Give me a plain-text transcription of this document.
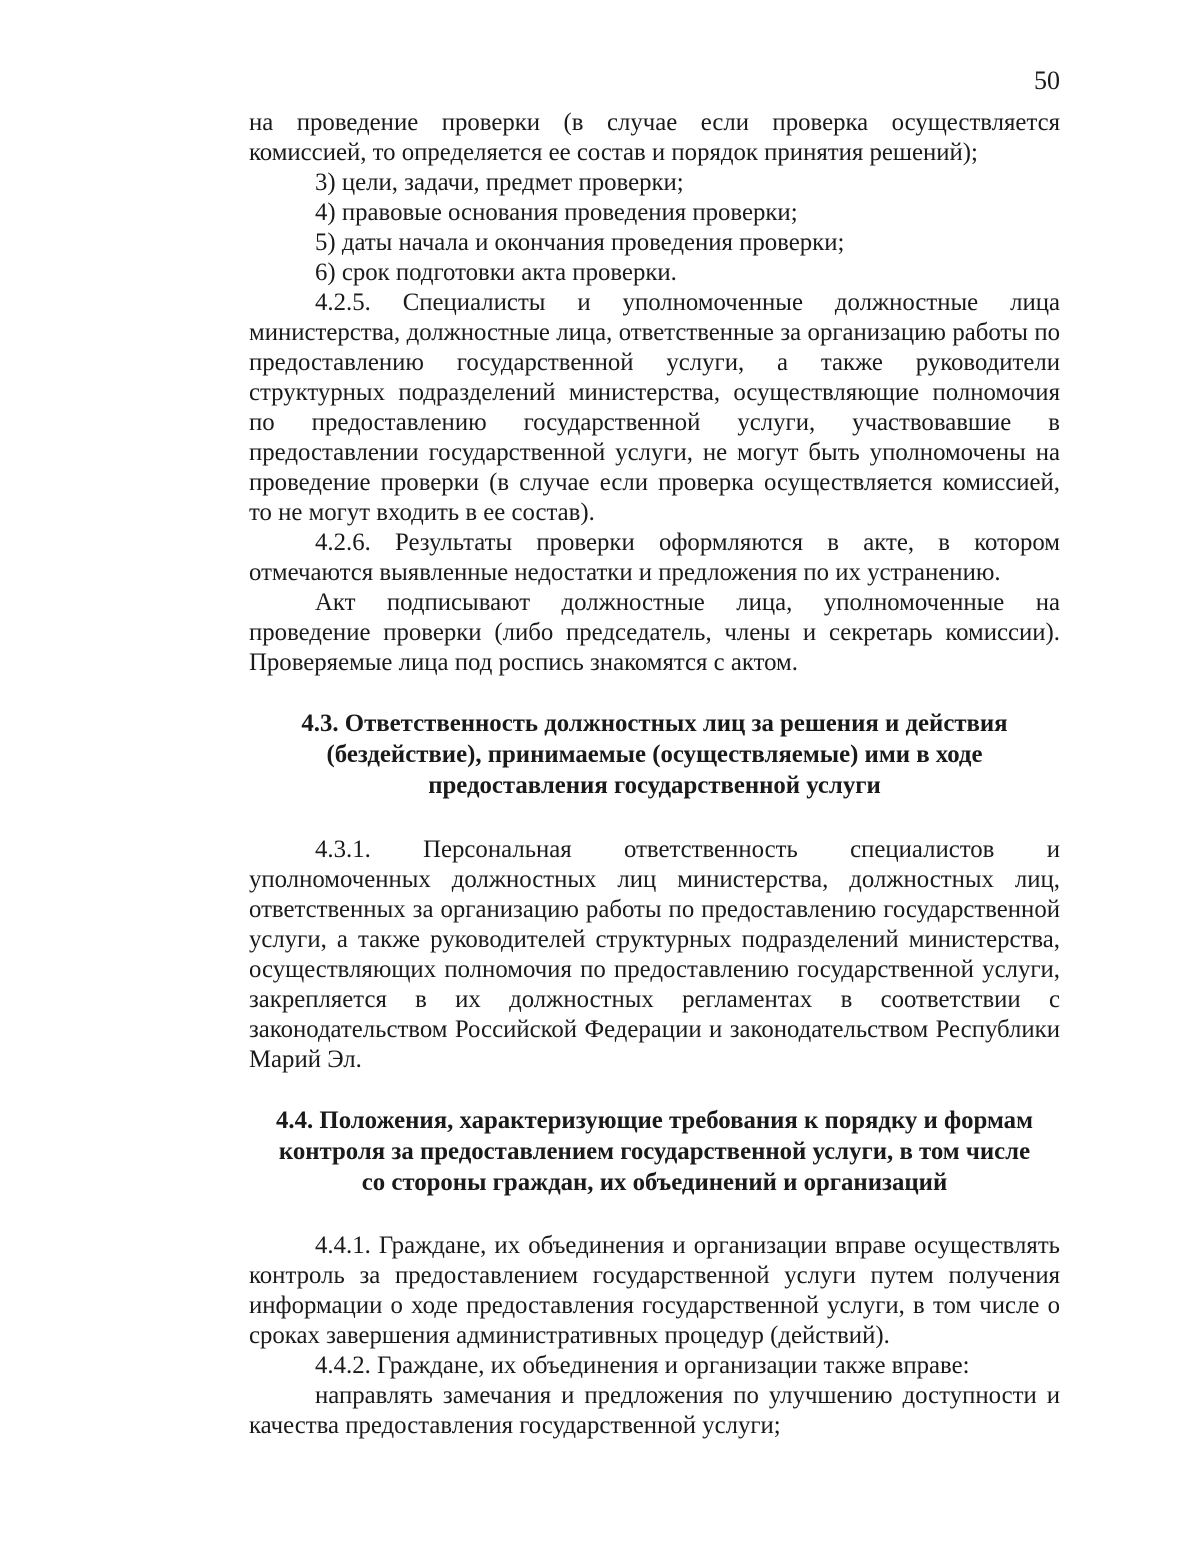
50

на проведение проверки (в случае если проверка осуществляется комиссией, то определяется ее состав и порядок принятия решений);

3) цели, задачи, предмет проверки;

4) правовые основания проведения проверки;

5) даты начала и окончания проведения проверки;

6) срок подготовки акта проверки.

4.2.5. Специалисты и уполномоченные должностные лица министерства, должностные лица, ответственные за организацию работы по предоставлению государственной услуги, а также руководители структурных подразделений министерства, осуществляющие полномочия по предоставлению государственной услуги, участвовавшие в предоставлении государственной услуги, не могут быть уполномочены на проведение проверки (в случае если проверка осуществляется комиссией, то не могут входить в ее состав).

4.2.6. Результаты проверки оформляются в акте, в котором отмечаются выявленные недостатки и предложения по их устранению.

Акт подписывают должностные лица, уполномоченные на проведение проверки (либо председатель, члены и секретарь комиссии). Проверяемые лица под роспись знакомятся с актом.

4.3. Ответственность должностных лиц за решения и действия

(бездействие), принимаемые (осуществляемые) ими в ходе

предоставления государственной услуги

4.3.1. Персональная ответственность специалистов и уполномоченных должностных лиц министерства, должностных лиц, ответственных за организацию работы по предоставлению государственной услуги, а также руководителей структурных подразделений министерства, осуществляющих полномочия по предоставлению государственной услуги, закрепляется в их должностных регламентах в соответствии с законодательством Российской Федерации и законодательством Республики Марий Эл.

4.4. Положения, характеризующие требования к порядку и формам

контроля за предоставлением государственной услуги, в том числе

со стороны граждан, их объединений и организаций

4.4.1. Граждане, их объединения и организации вправе осуществлять контроль за предоставлением государственной услуги путем получения информации о ходе предоставления государственной услуги, в том числе о сроках завершения административных процедур (действий).

4.4.2. Граждане, их объединения и организации также вправе:

направлять замечания и предложения по улучшению доступности и качества предоставления государственной услуги;
